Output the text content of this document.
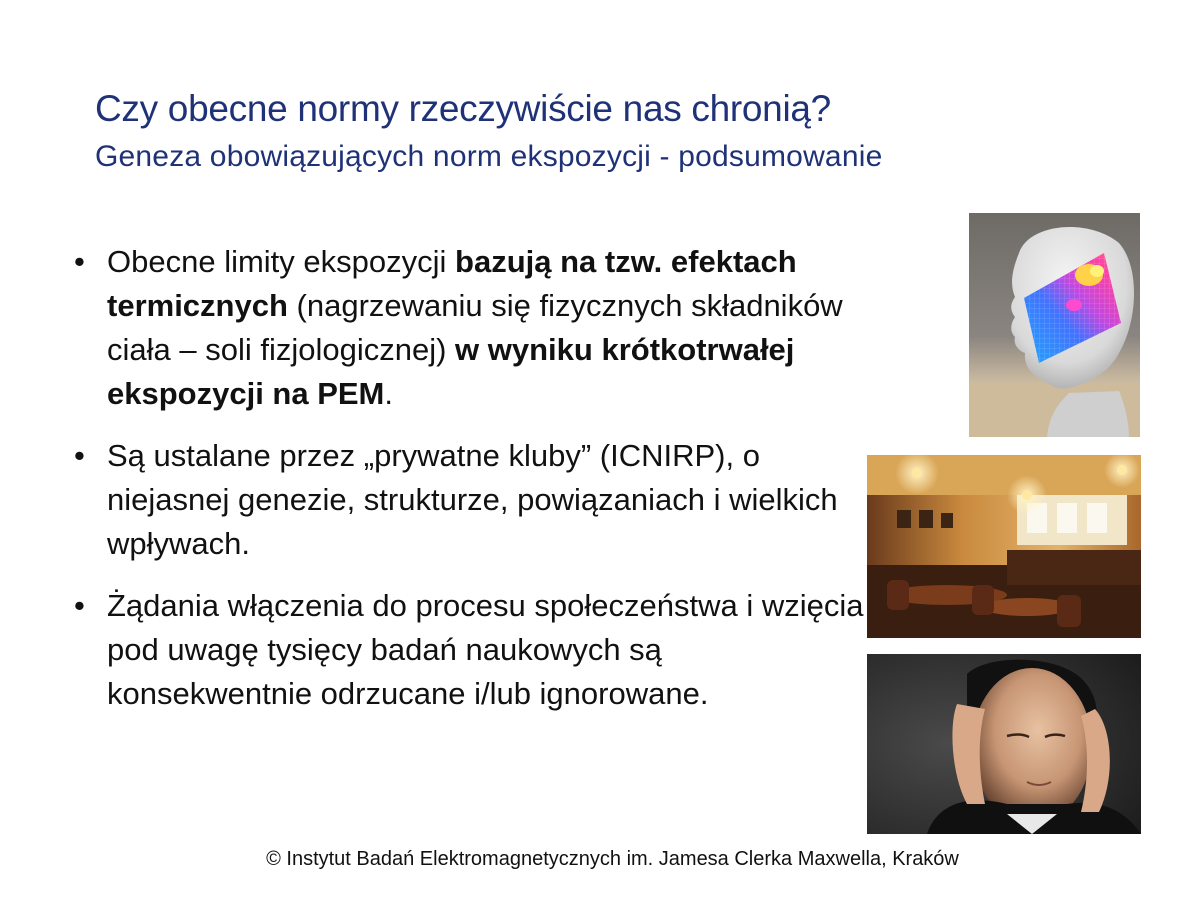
Czy obecne normy rzeczywiście nas chronią?
Geneza obowiązujących norm ekspozycji - podsumowanie
• Obecne limity ekspozycji bazują na tzw. efektach termicznych (nagrzewaniu się fizycznych składników ciała – soli fizjologicznej) w wyniku krótkotrwałej ekspozycji na PEM.
• Są ustalane przez „prywatne kluby” (ICNIRP), o niejasnej genezie, strukturze, powiązaniach i wielkich wpływach.
• Żądania włączenia do procesu społeczeństwa i wzięcia pod uwagę tysięcy badań naukowych są konsekwentnie odrzucane i/lub ignorowane.
© Instytut Badań Elektromagnetycznych im. Jamesa Clerka Maxwella, Kraków
